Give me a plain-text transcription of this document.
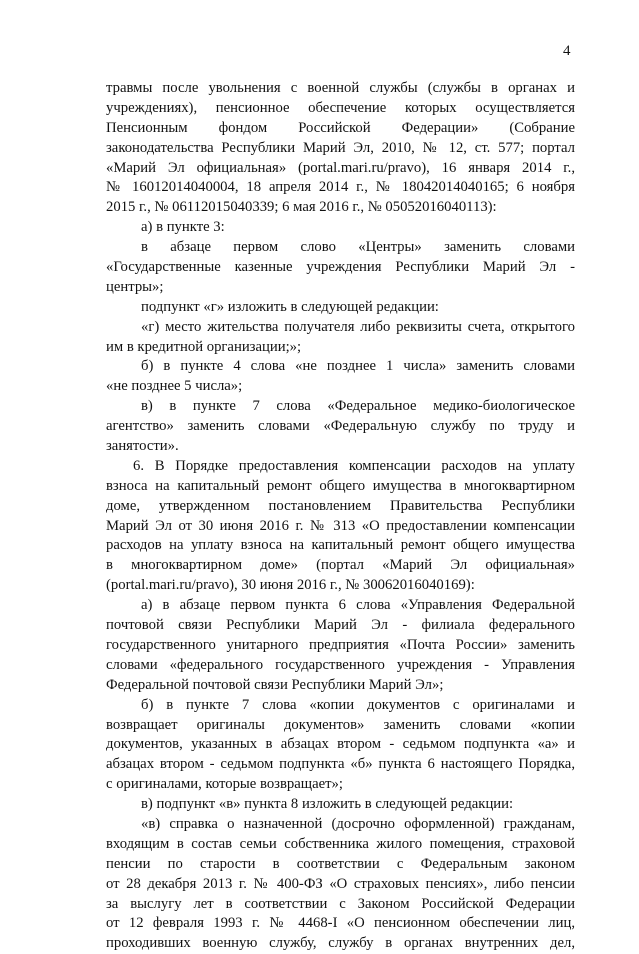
4
травмы после увольнения с военной службы (службы в органах и
учреждениях), пенсионное обеспечение которых осуществляется
Пенсионным фондом Российской Федерации» (Собрание
законодательства Республики Марий Эл, 2010, № 12, ст. 577; портал
«Марий Эл официальная» (portal.mari.ru/pravo), 16 января 2014 г.,
№ 16012014040004, 18 апреля 2014 г., № 18042014040165; 6 ноября
2015 г., № 06112015040339; 6 мая 2016 г., № 05052016040113):
а) в пункте 3:
в абзаце первом слово «Центры» заменить словами
«Государственные казенные учреждения Республики Марий Эл -
центры»;
подпункт «г» изложить в следующей редакции:
«г) место жительства получателя либо реквизиты счета, открытого
им в кредитной организации;»;
б) в пункте 4 слова «не позднее 1 числа» заменить словами
«не позднее 5 числа»;
в) в пункте 7 слова «Федеральное медико-биологическое
агентство» заменить словами «Федеральную службу по труду и
занятости».
6. В Порядке предоставления компенсации расходов на уплату
взноса на капитальный ремонт общего имущества в многоквартирном
доме, утвержденном постановлением Правительства Республики
Марий Эл от 30 июня 2016 г. № 313 «О предоставлении компенсации
расходов на уплату взноса на капитальный ремонт общего имущества
в многоквартирном доме» (портал «Марий Эл официальная»
(portal.mari.ru/pravo), 30 июня 2016 г., № 30062016040169):
а) в абзаце первом пункта 6 слова «Управления Федеральной
почтовой связи Республики Марий Эл - филиала федерального
государственного унитарного предприятия «Почта России» заменить
словами «федерального государственного учреждения - Управления
Федеральной почтовой связи Республики Марий Эл»;
б) в пункте 7 слова «копии документов с оригиналами и
возвращает оригиналы документов» заменить словами «копии
документов, указанных в абзацах втором - седьмом подпункта «а» и
абзацах втором - седьмом подпункта «б» пункта 6 настоящего Порядка,
с оригиналами, которые возвращает»;
в) подпункт «в» пункта 8 изложить в следующей редакции:
«в) справка о назначенной (досрочно оформленной) гражданам,
входящим в состав семьи собственника жилого помещения, страховой
пенсии по старости в соответствии с Федеральным законом
от 28 декабря 2013 г. № 400-ФЗ «О страховых пенсиях», либо пенсии
за выслугу лет в соответствии с Законом Российской Федерации
от 12 февраля 1993 г. № 4468-I «О пенсионном обеспечении лиц,
проходивших военную службу, службу в органах внутренних дел,
